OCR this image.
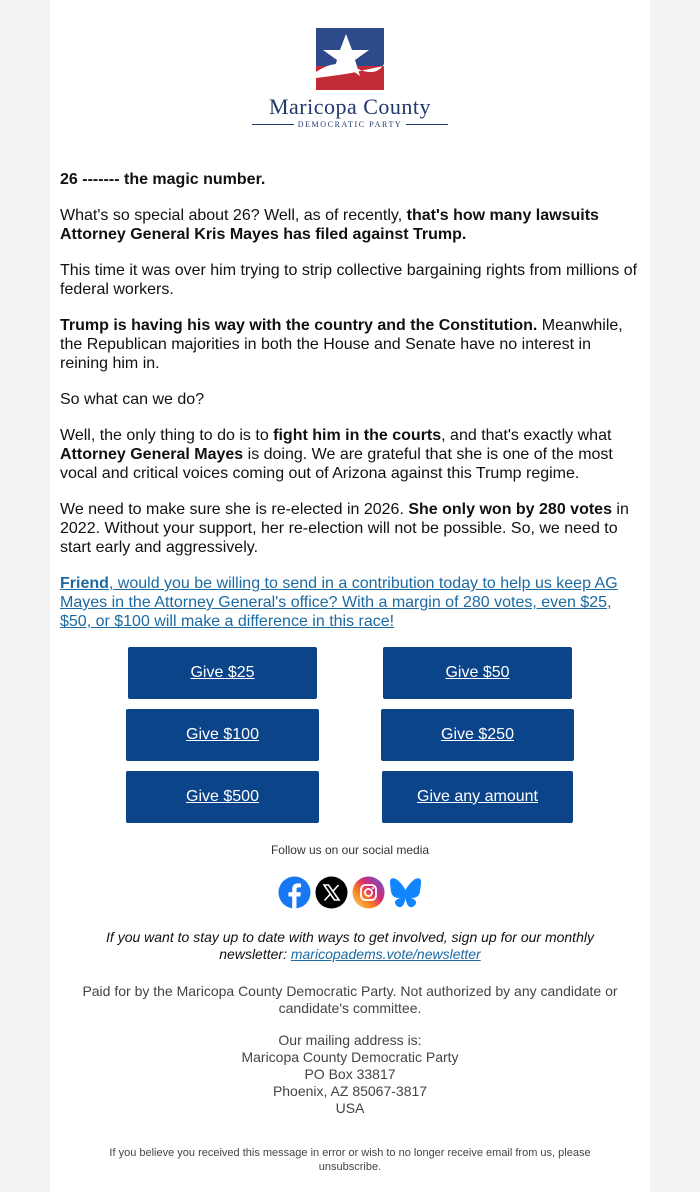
Maricopa County
DEMOCRATIC PARTY

26 ------- the magic number.

What's so special about 26? Well, as of recently, that's how many lawsuits Attorney General Kris Mayes has filed against Trump.

This time it was over him trying to strip collective bargaining rights from millions of federal workers.

Trump is having his way with the country and the Constitution. Meanwhile, the Republican majorities in both the House and Senate have no interest in reining him in.

So what can we do?

Well, the only thing to do is to fight him in the courts, and that's exactly what Attorney General Mayes is doing. We are grateful that she is one of the most vocal and critical voices coming out of Arizona against this Trump regime.

We need to make sure she is re-elected in 2026. She only won by 280 votes in 2022. Without your support, her re-election will not be possible. So, we need to start early and aggressively.

Friend, would you be willing to send in a contribution today to help us keep AG Mayes in the Attorney General's office? With a margin of 280 votes, even $25, $50, or $100 will make a difference in this race!

Give $25	Give $50
Give $100	Give $250
Give $500	Give any amount
Follow us on our social media
If you want to stay up to date with ways to get involved, sign up for our monthly newsletter: maricopadems.vote/newsletter
Paid for by the Maricopa County Democratic Party. Not authorized by any candidate or candidate's committee.
Our mailing address is:
Maricopa County Democratic Party
PO Box 33817
Phoenix, AZ 85067-3817
USA
If you believe you received this message in error or wish to no longer receive email from us, please unsubscribe.
